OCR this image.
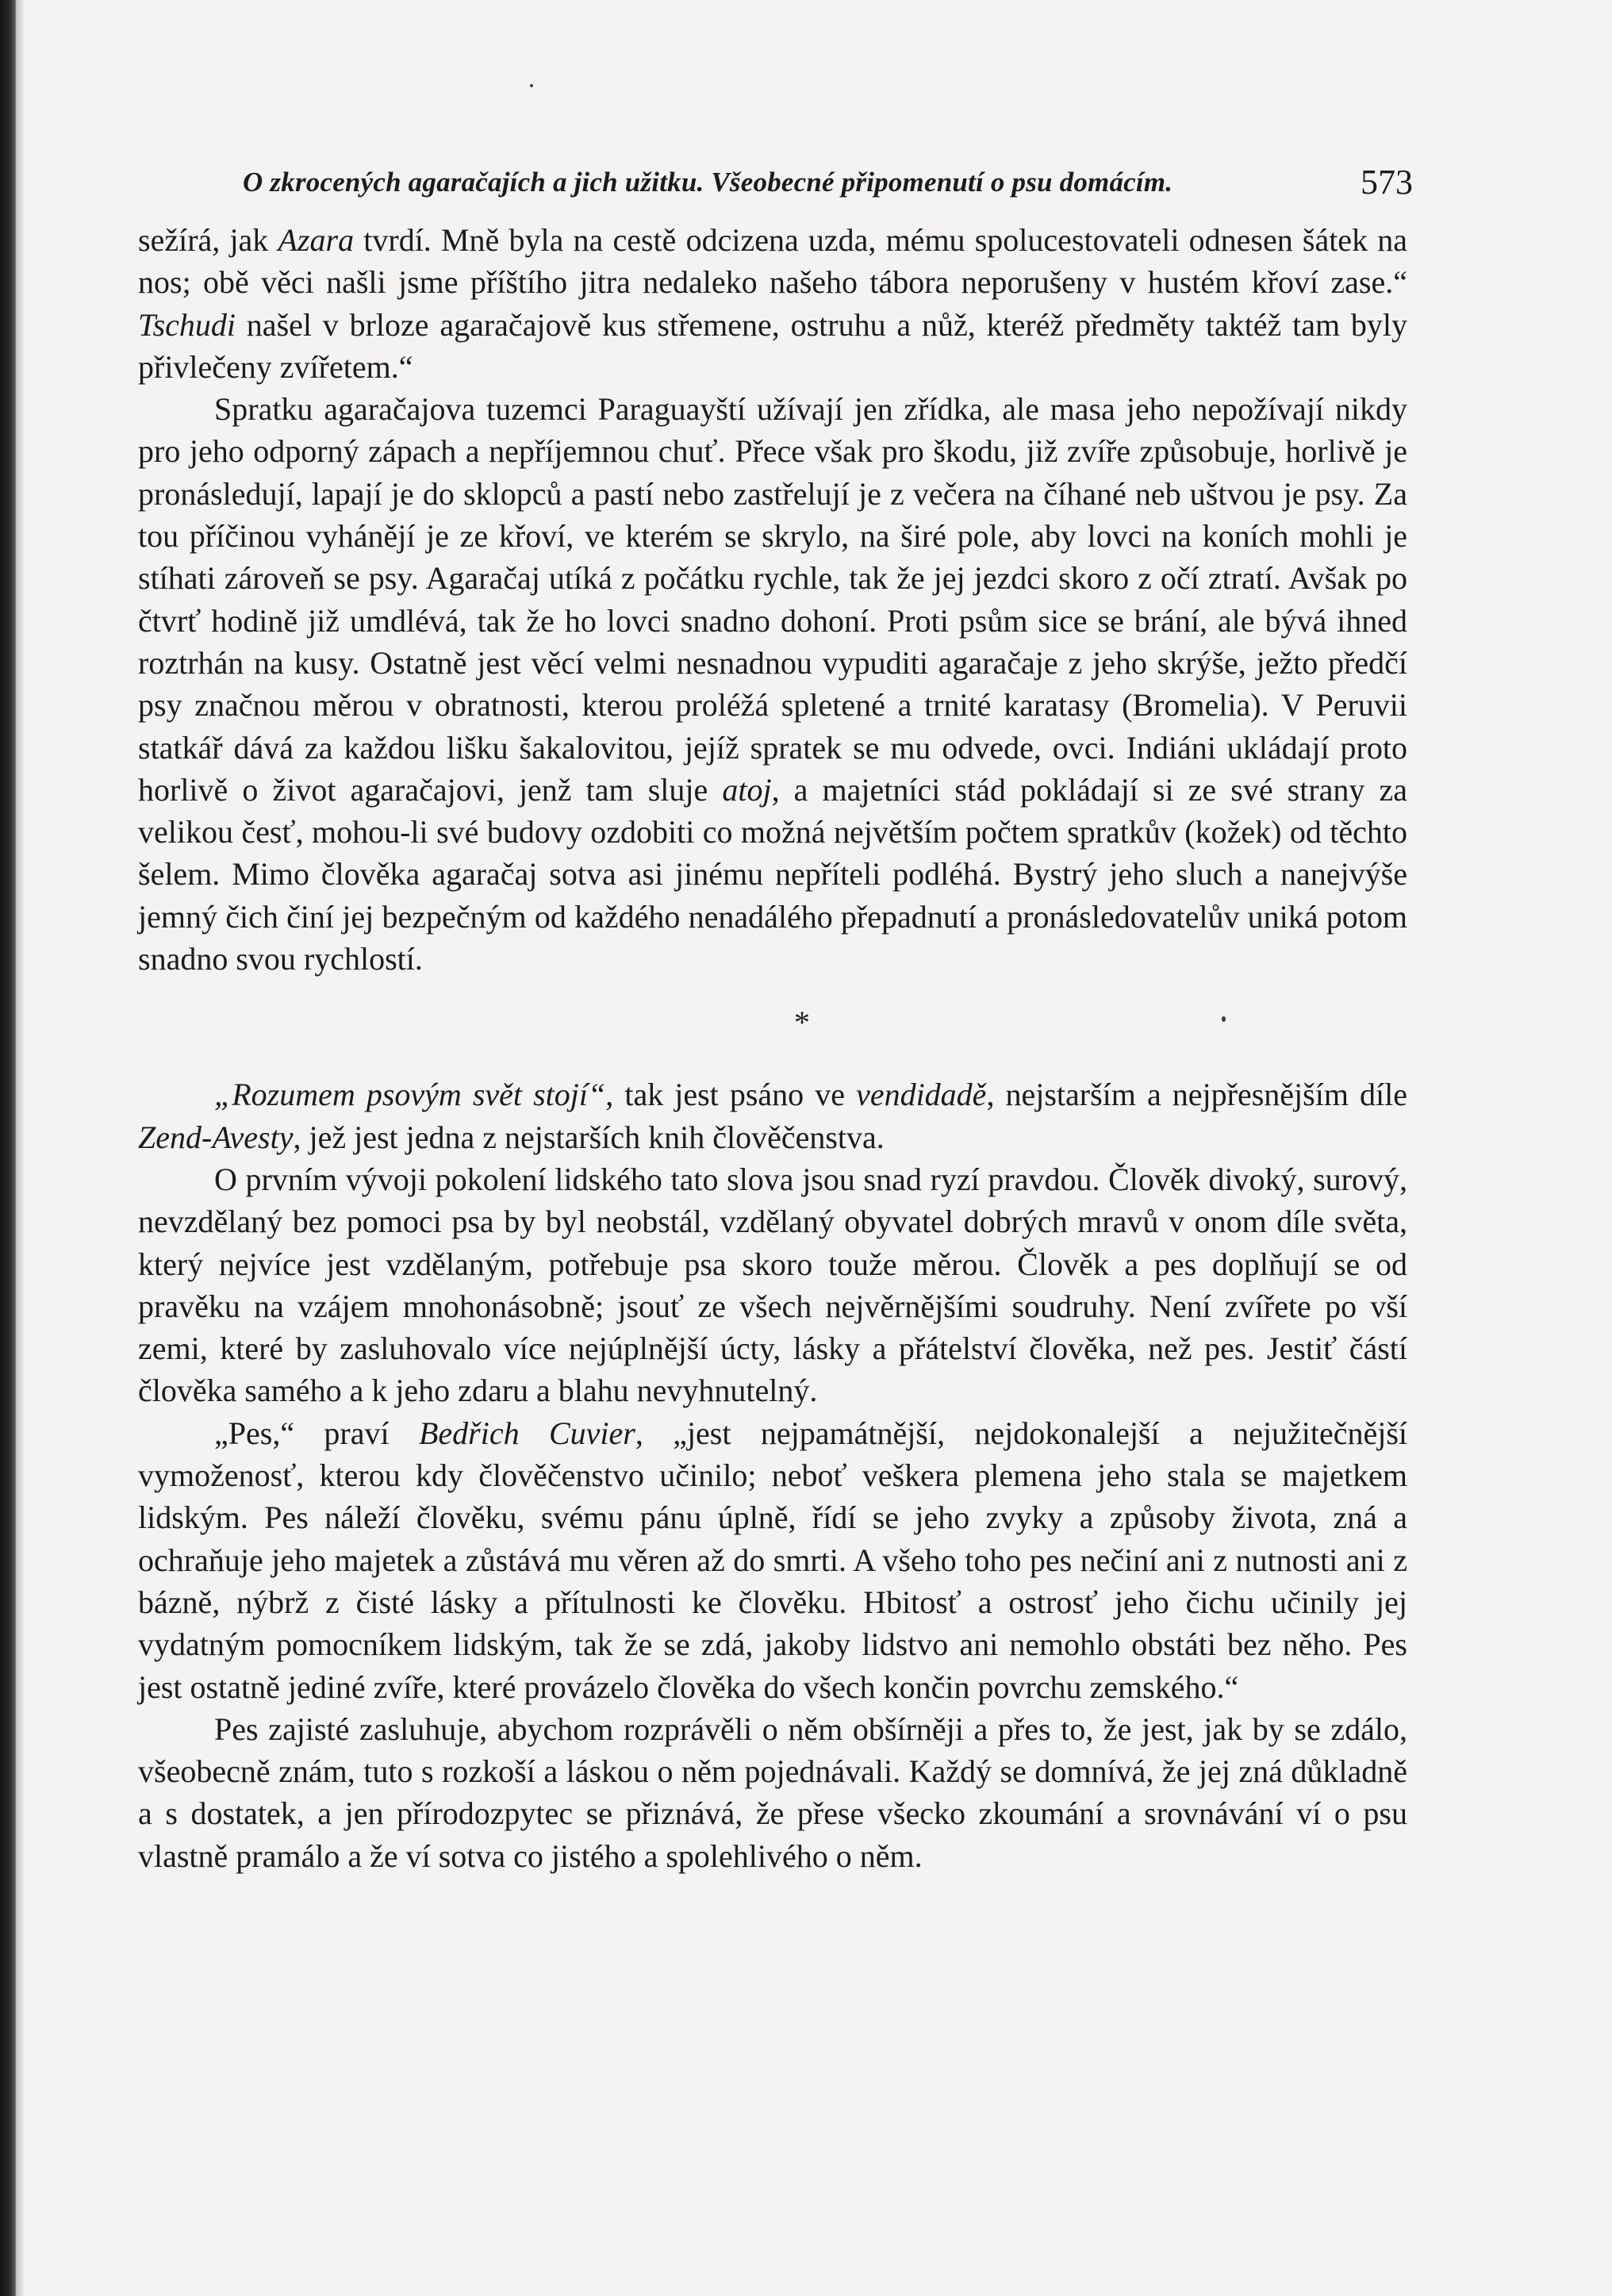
O zkrocených agaračajích a jich užitku. Všeobecné připomenutí o psu domácím.	573

sežírá, jak Azara tvrdí. Mně byla na cestě odcizena uzda, mému spolucestovateli odnesen šátek na nos; obě věci našli jsme příštího jitra nedaleko našeho tábora neporušeny v hustém křoví zase.“ Tschudi našel v brloze agaračajově kus střemene, ostruhu a nůž, kteréž předměty taktéž tam byly přivlečeny zvířetem.“

Spratku agaračajova tuzemci Paraguayští užívají jen zřídka, ale masa jeho nepožívají nikdy pro jeho odporný zápach a nepříjemnou chuť. Přece však pro škodu, již zvíře způsobuje, horlivě je pronásledují, lapají je do sklopců a pastí nebo zastřelují je z večera na číhané neb uštvou je psy. Za tou příčinou vyhánějí je ze křoví, ve kterém se skrylo, na širé pole, aby lovci na koních mohli je stíhati zároveň se psy. Agaračaj utíká z počátku rychle, tak že jej jezdci skoro z očí ztratí. Avšak po čtvrť hodině již umdlévá, tak že ho lovci snadno dohoní. Proti psům sice se brání, ale bývá ihned roztrhán na kusy. Ostatně jest věcí velmi nesnadnou vypuditi agaračaje z jeho skrýše, ježto předčí psy značnou měrou v obratnosti, kterou proléžá spletené a trnité karatasy (Bromelia). V Peruvii statkář dává za každou lišku šakalovitou, jejíž spratek se mu odvede, ovci. Indiáni ukládají proto horlivě o život agaračajovi, jenž tam sluje atoj, a majetníci stád pokládají si ze své strany za velikou česť, mohou-li své budovy ozdobiti co možná největším počtem spratkův (kožek) od těchto šelem. Mimo člověka agaračaj sotva asi jinému nepříteli podléhá. Bystrý jeho sluch a nanejvýše jemný čich činí jej bezpečným od každého nenadálého přepadnutí a pronásledovatelův uniká potom snadno svou rychlostí.

*

„Rozumem psovým svět stojí“, tak jest psáno ve vendidadě, nejstarším a nejpřesnějším díle Zend-Avesty, jež jest jedna z nejstarších knih člověčenstva.

O prvním vývoji pokolení lidského tato slova jsou snad ryzí pravdou. Člověk divoký, surový, nevzdělaný bez pomoci psa by byl neobstál, vzdělaný obyvatel dobrých mravů v onom díle světa, který nejvíce jest vzdělaným, potřebuje psa skoro touže měrou. Člověk a pes doplňují se od pravěku na vzájem mnohonásobně; jsouť ze všech nejvěrnějšími soudruhy. Není zvířete po vší zemi, které by zasluhovalo více nejúplnější úcty, lásky a přátelství člověka, než pes. Jestiť částí člověka samého a k jeho zdaru a blahu nevyhnutelný.

„Pes,“ praví Bedřich Cuvier, „jest nejpamátnější, nejdokonalejší a nejužitečnější vymoženosť, kterou kdy člověčenstvo učinilo; neboť veškera plemena jeho stala se majetkem lidským. Pes náleží člověku, svému pánu úplně, řídí se jeho zvyky a způsoby života, zná a ochraňuje jeho majetek a zůstává mu věren až do smrti. A všeho toho pes nečiní ani z nutnosti ani z bázně, nýbrž z čisté lásky a přítulnosti ke člověku. Hbitosť a ostrosť jeho čichu učinily jej vydatným pomocníkem lidským, tak že se zdá, jakoby lidstvo ani nemohlo obstáti bez něho. Pes jest ostatně jediné zvíře, které provázelo člověka do všech končin povrchu zemského.“

Pes zajisté zasluhuje, abychom rozprávěli o něm obšírněji a přes to, že jest, jak by se zdálo, všeobecně znám, tuto s rozkoší a láskou o něm pojednávali. Každý se domnívá, že jej zná důkladně a s dostatek, a jen přírodozpytec se přiznává, že přese všecko zkoumání a srovnávání ví o psu vlastně pramálo a že ví sotva co jistého a spolehlivého o něm.
